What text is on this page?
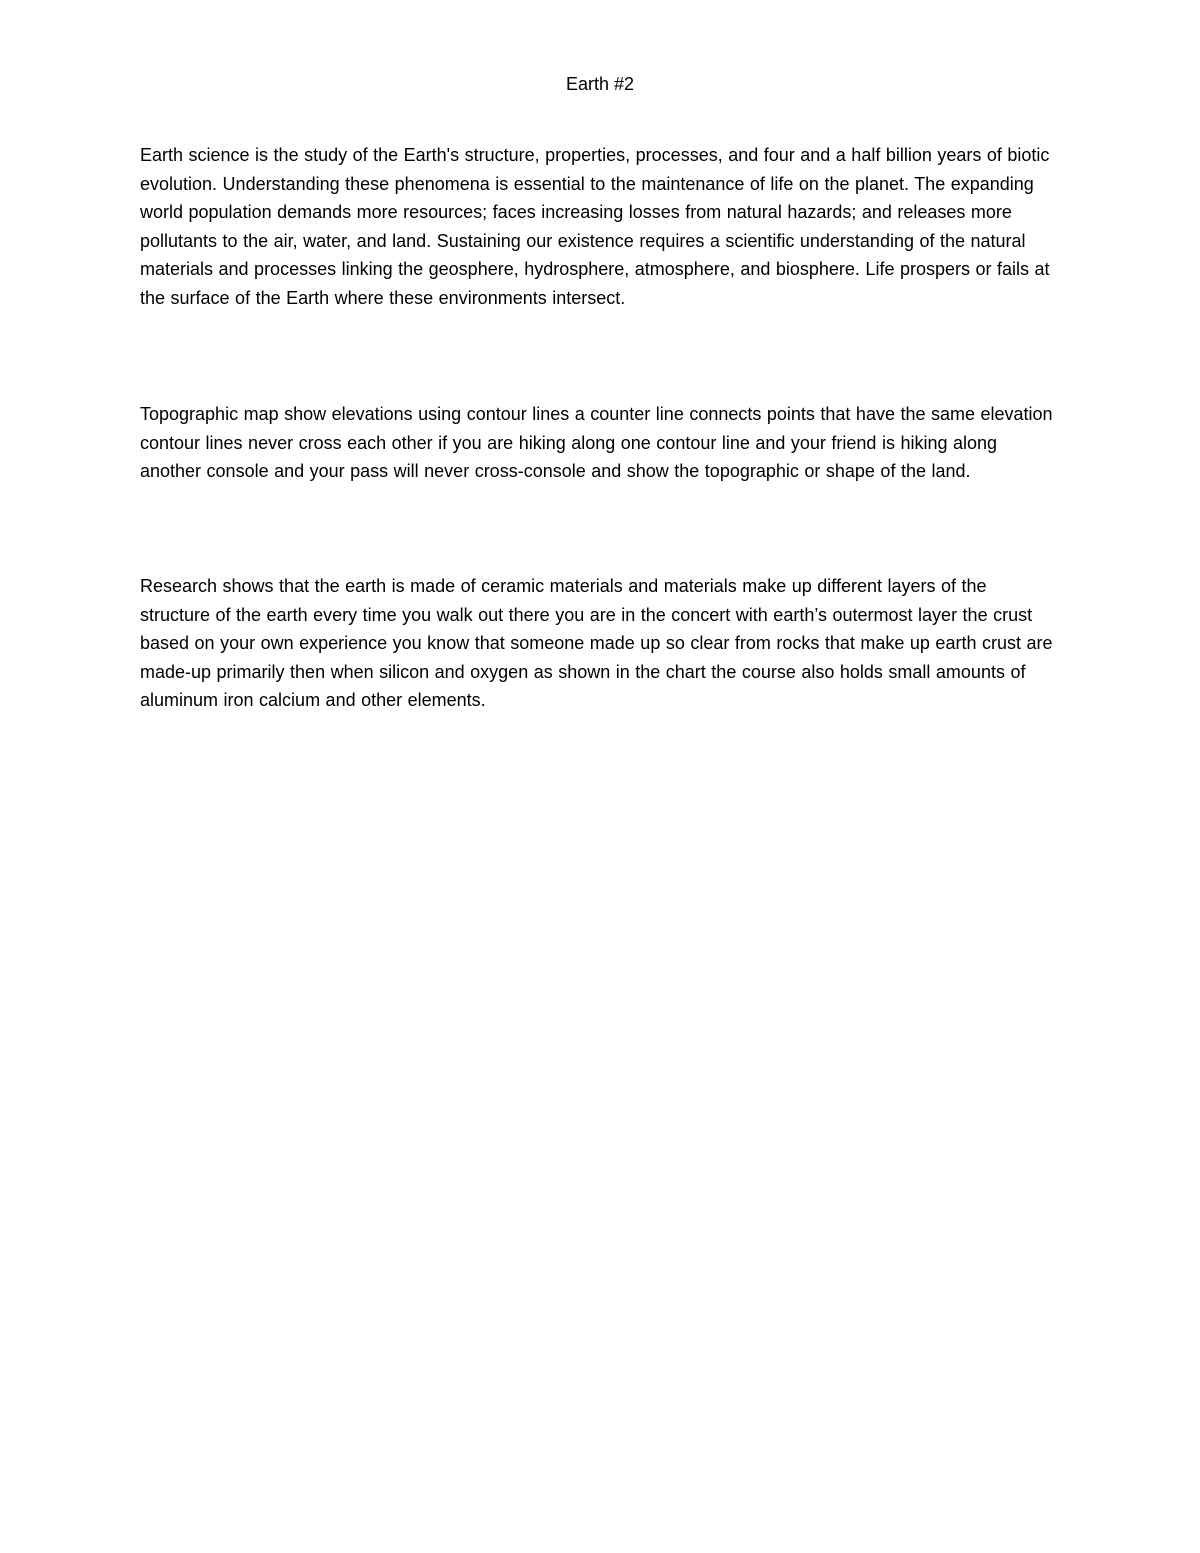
Earth #2

Earth science is the study of the Earth's structure, properties, processes, and four and a half billion years of biotic evolution. Understanding these phenomena is essential to the maintenance of life on the planet. The expanding world population demands more resources; faces increasing losses from natural hazards; and releases more pollutants to the air, water, and land. Sustaining our existence requires a scientific understanding of the natural materials and processes linking the geosphere, hydrosphere, atmosphere, and biosphere. Life prospers or fails at the surface of the Earth where these environments intersect.

Topographic map show elevations using contour lines a counter line connects points that have the same elevation contour lines never cross each other if you are hiking along one contour line and your friend is hiking along another console and your pass will never cross-console and show the topographic or shape of the land.

Research shows that the earth is made of ceramic materials and materials make up different layers of the structure of the earth every time you walk out there you are in the concert with earth’s outermost layer the crust based on your own experience you know that someone made up so clear from rocks that make up earth crust are made-up primarily then when silicon and oxygen as shown in the chart the course also holds small amounts of aluminum iron calcium and other elements.
